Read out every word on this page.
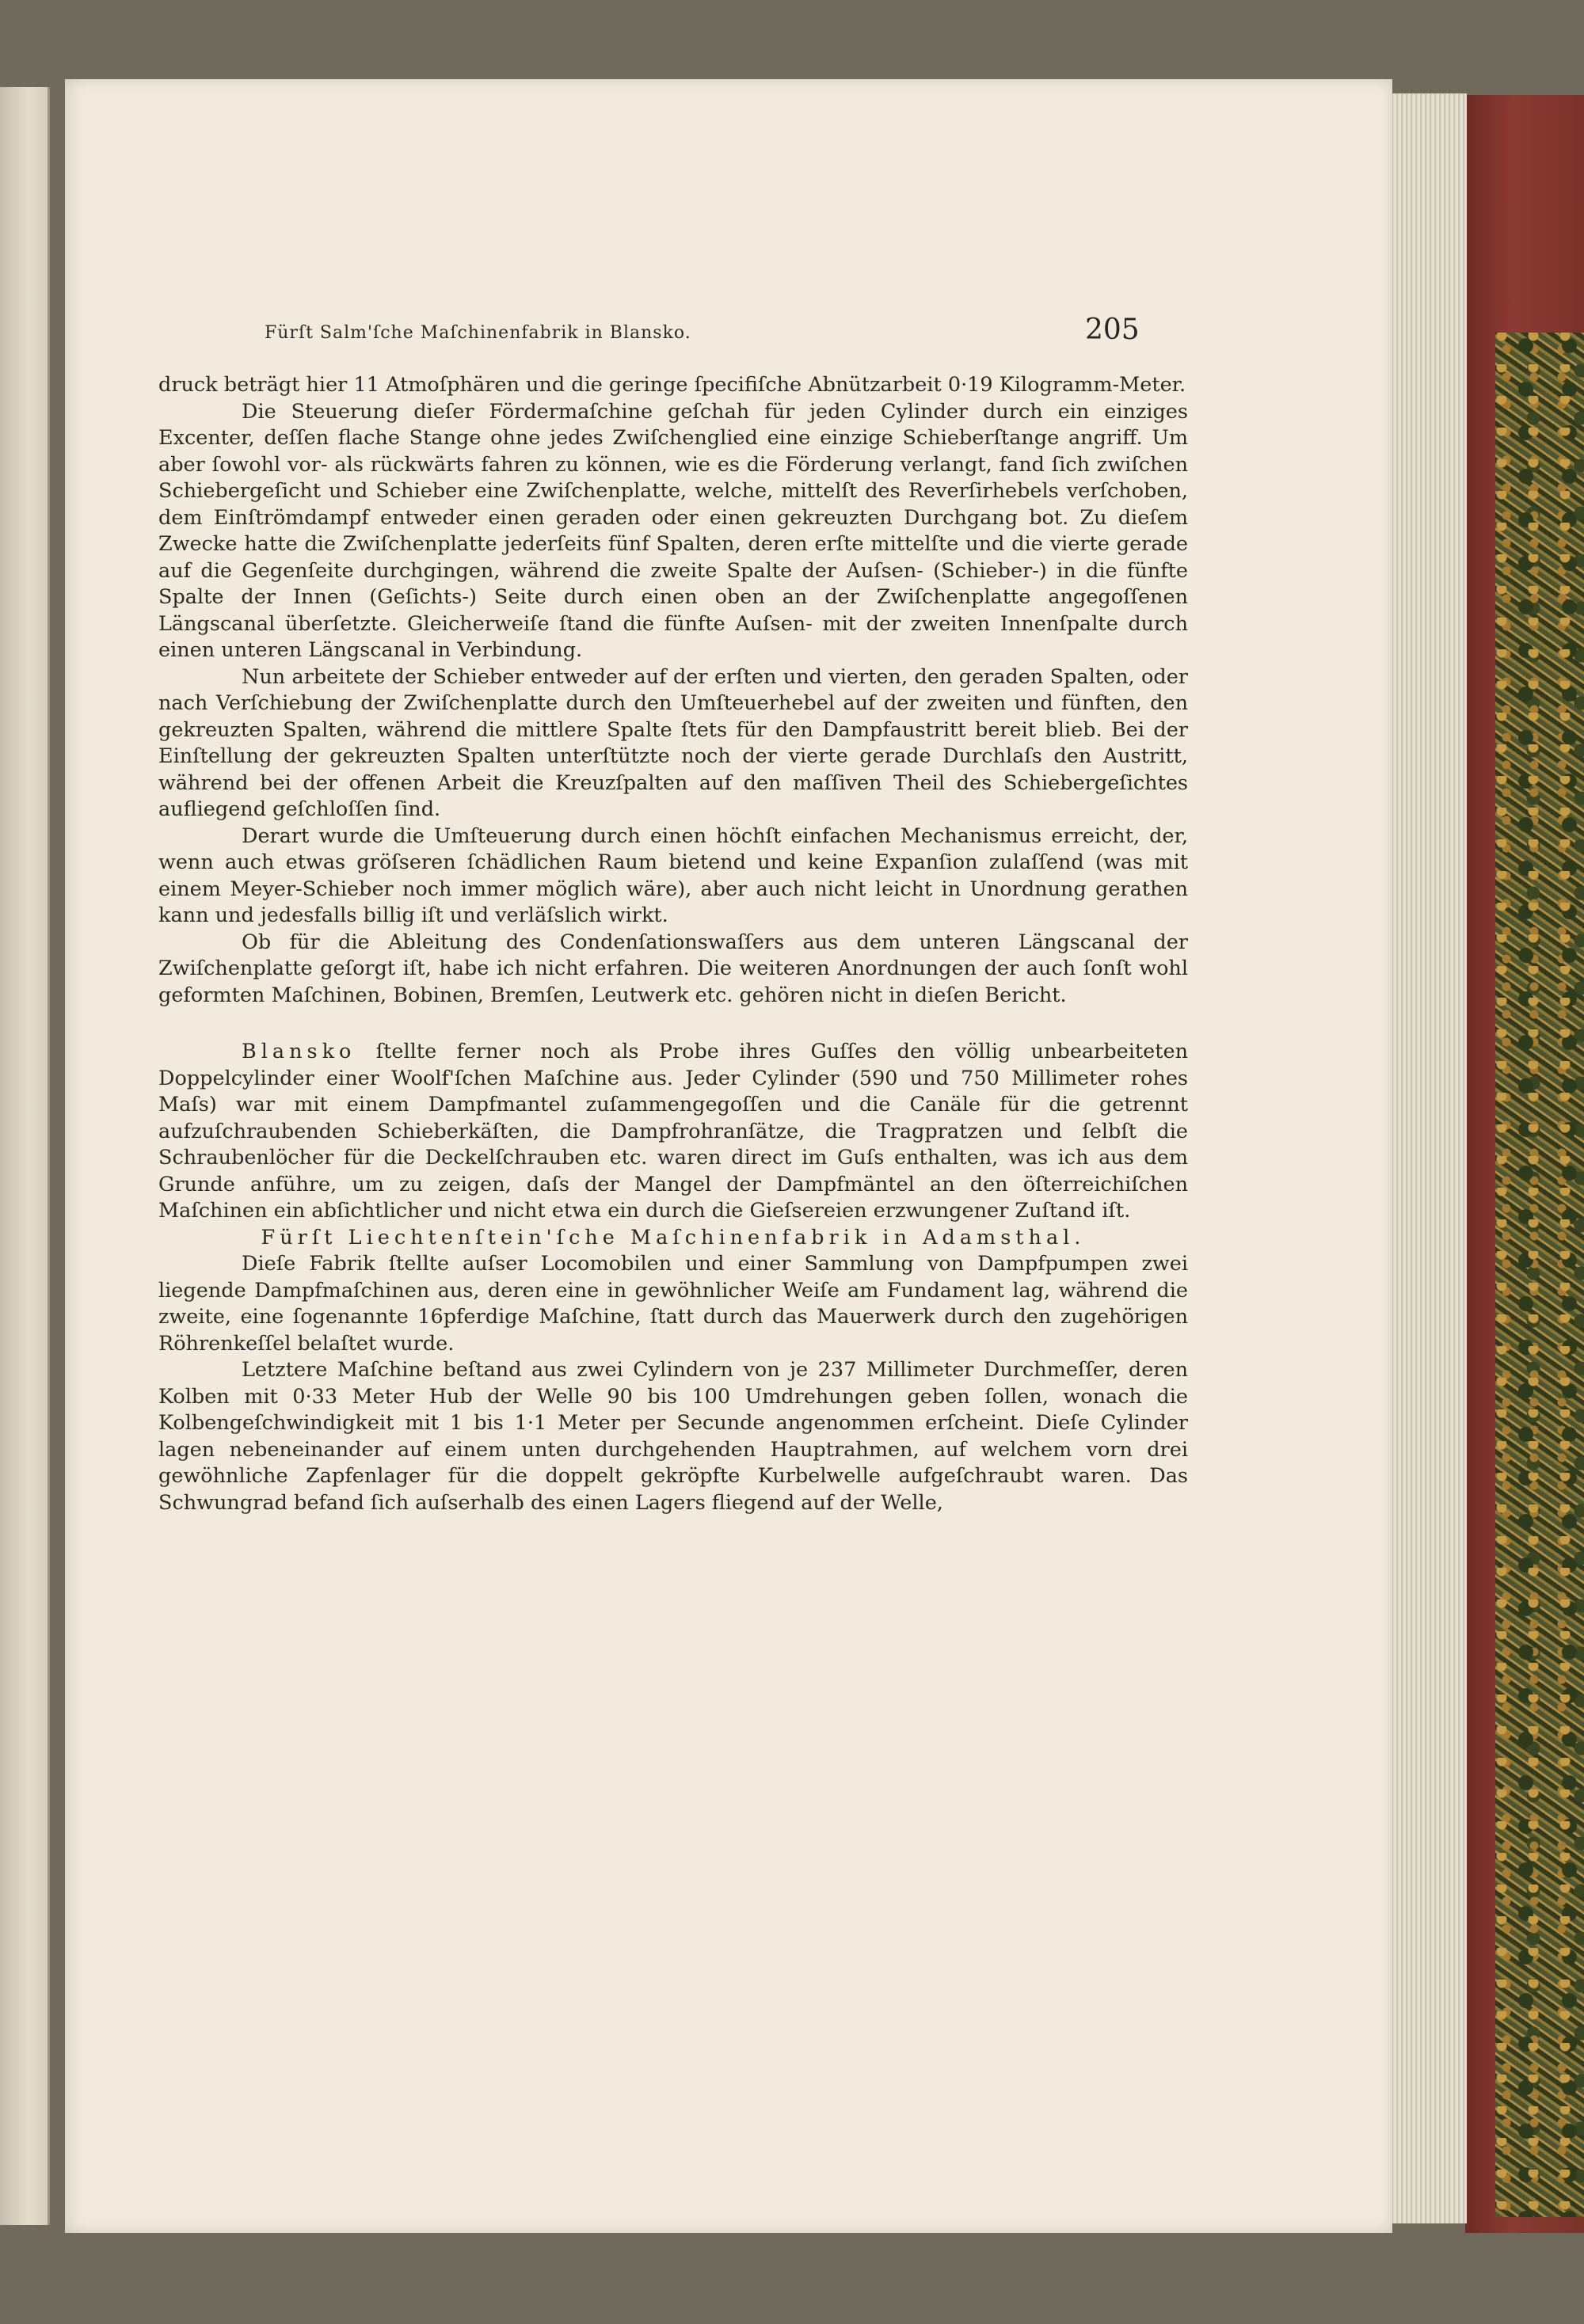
Fürſt Salm'ſche Maſchinenfabrik in Blansko.	205

druck beträgt hier 11 Atmoſphären und die geringe ſpecifiſche Abnützarbeit 0·19 Kilogramm-Meter.

Die Steuerung dieſer Fördermaſchine geſchah für jeden Cylinder durch ein einziges Excenter, deſſen flache Stange ohne jedes Zwiſchenglied eine einzige Schieberſtange angriff. Um aber ſowohl vor- als rückwärts fahren zu können, wie es die Förderung verlangt, fand ſich zwiſchen Schiebergeſicht und Schieber eine Zwiſchenplatte, welche, mittelſt des Reverſirhebels verſchoben, dem Einſtrömdampf entweder einen geraden oder einen gekreuzten Durchgang bot. Zu dieſem Zwecke hatte die Zwiſchenplatte jederſeits fünf Spalten, deren erſte mittelſte und die vierte gerade auf die Gegenſeite durchgingen, während die zweite Spalte der Auſsen- (Schieber-) in die fünfte Spalte der Innen (Geſichts-) Seite durch einen oben an der Zwiſchenplatte angegoſſenen Längscanal überſetzte. Gleicherweiſe ſtand die fünfte Auſsen- mit der zweiten Innenſpalte durch einen unteren Längscanal in Verbindung.

Nun arbeitete der Schieber entweder auf der erſten und vierten, den geraden Spalten, oder nach Verſchiebung der Zwiſchenplatte durch den Umſteuerhebel auf der zweiten und fünften, den gekreuzten Spalten, während die mittlere Spalte ſtets für den Dampfaustritt bereit blieb. Bei der Einſtellung der gekreuzten Spalten unterſtützte noch der vierte gerade Durchlaſs den Austritt, während bei der offenen Arbeit die Kreuzſpalten auf den maſſiven Theil des Schiebergeſichtes aufliegend geſchloſſen ſind.

Derart wurde die Umſteuerung durch einen höchſt einfachen Mechanismus erreicht, der, wenn auch etwas gröſseren ſchädlichen Raum bietend und keine Expanſion zulaſſend (was mit einem Meyer-Schieber noch immer möglich wäre), aber auch nicht leicht in Unordnung gerathen kann und jedesfalls billig iſt und verläſslich wirkt.

Ob für die Ableitung des Condenſationswaſſers aus dem unteren Längscanal der Zwiſchenplatte geſorgt iſt, habe ich nicht erfahren. Die weiteren Anordnungen der auch ſonſt wohl geformten Maſchinen, Bobinen, Bremſen, Leutwerk etc. gehören nicht in dieſen Bericht.

Blansko ſtellte ferner noch als Probe ihres Guſſes den völlig unbearbeiteten Doppelcylinder einer Woolf'ſchen Maſchine aus. Jeder Cylinder (590 und 750 Millimeter rohes Maſs) war mit einem Dampfmantel zuſammengegoſſen und die Canäle für die getrennt aufzuſchraubenden Schieberkäſten, die Dampfrohranſätze, die Tragpratzen und ſelbſt die Schraubenlöcher für die Deckelſchrauben etc. waren direct im Guſs enthalten, was ich aus dem Grunde anführe, um zu zeigen, daſs der Mangel der Dampfmäntel an den öſterreichiſchen Maſchinen ein abſichtlicher und nicht etwa ein durch die Gieſsereien erzwungener Zuſtand iſt.

Fürſt Liechtenſtein'ſche Maſchinenfabrik in Adamsthal.

Dieſe Fabrik ſtellte auſser Locomobilen und einer Sammlung von Dampfpumpen zwei liegende Dampfmaſchinen aus, deren eine in gewöhnlicher Weiſe am Fundament lag, während die zweite, eine ſogenannte 16pferdige Maſchine, ſtatt durch das Mauerwerk durch den zugehörigen Röhrenkeſſel belaſtet wurde.

Letztere Maſchine beſtand aus zwei Cylindern von je 237 Millimeter Durchmeſſer, deren Kolben mit 0·33 Meter Hub der Welle 90 bis 100 Umdrehungen geben ſollen, wonach die Kolbengeſchwindigkeit mit 1 bis 1·1 Meter per Secunde angenommen erſcheint. Dieſe Cylinder lagen nebeneinander auf einem unten durchgehenden Hauptrahmen, auf welchem vorn drei gewöhnliche Zapfenlager für die doppelt gekröpfte Kurbelwelle aufgeſchraubt waren. Das Schwungrad befand ſich auſserhalb des einen Lagers fliegend auf der Welle,
